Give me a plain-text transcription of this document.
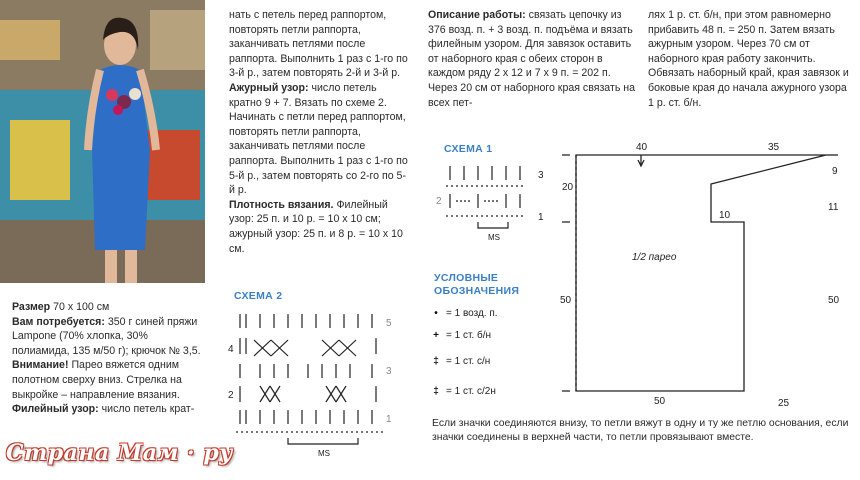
Размер 70 х 100 см

Вам потребуется: 350 г синей пряжи Lampone (70% хлопка, 30% полиамида, 135 м/50 г); крючок № 3,5.

Внимание! Парео вяжется одним полотном сверху вниз. Стрелка на выкройке – направление вязания.

Филейный узор: число петель крат-

нать с петель перед раппортом, повторять петли раппорта, заканчивать петлями после раппорта. Выполнить 1 раз с 1-го по 3-й р., затем повторять 2-й и 3-й р.

Ажурный узор: число петель кратно 9 + 7. Вязать по схеме 2. Начинать с петли перед раппортом, повторять петли раппорта, заканчивать петлями после раппорта. Выполнить 1 раз с 1-го по 5-й р., затем повторять со 2-го по 5-й р.

Плотность вязания. Филейный узор: 25 п. и 10 р. = 10 х 10 см; ажурный узор: 25 п. и 8 р. = 10 х 10 см.

СХЕМА 2
5
4
3
2
1
MS

Описание работы: связать цепочку из 376 возд. п. + 3 возд. п. подъёма и вязать филейным узором. Для завязок оставить от наборного края с обеих сторон в каждом ряду 2 х 12 и 7 х 9 п. = 202 п. Через 20 см от наборного края связать на всех пет-

СХЕМА 1
3
2
1
MS
УСЛОВНЫЕ
ОБОЗНАЧЕНИЯ
• = 1 возд. п.
+ = 1 ст. б/н
‡ = 1 ст. с/н
‡ = 1 ст. с/2н

лях 1 р. ст. б/н, при этом равномерно прибавить 48 п. = 250 п. Затем вязать ажурным узором. Через 70 см от наборного края работу закончить. Обвязать наборный край, края завязок и боковые края до начала ажурного узора 1 р. ст. б/н.

40	35
20
50
10
9
11
50
50	25
1/2 парео
Если значки соединяются внизу, то петли вяжут в одну и ту же петлю основания, если значки соединены в верхней части, то петли провязывают вместе.
Страна Мам · ру
